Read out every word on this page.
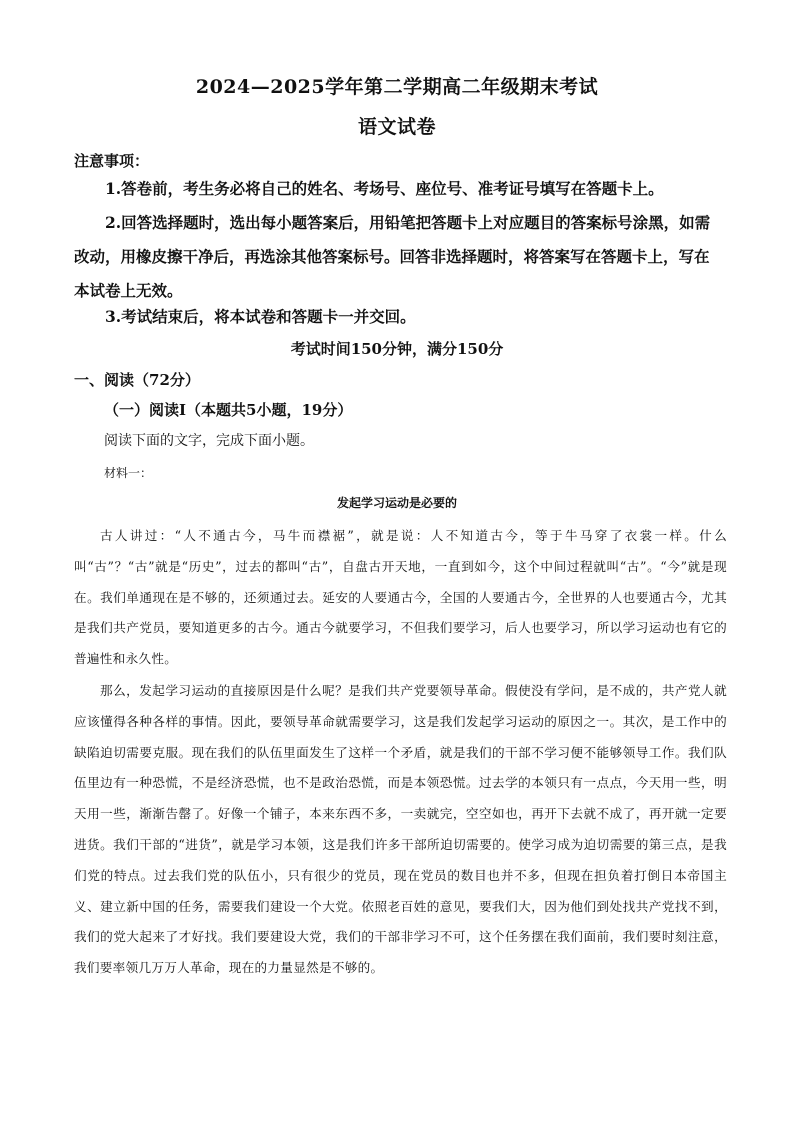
2024—2025学年第二学期高二年级期末考试
语文试卷
注意事项：
1.答卷前，考生务必将自己的姓名、考场号、座位号、准考证号填写在答题卡上。
2.回答选择题时，选出每小题答案后，用铅笔把答题卡上对应题目的答案标号涂黑，如需改动，用橡皮擦干净后，再选涂其他答案标号。回答非选择题时，将答案写在答题卡上，写在本试卷上无效。
3.考试结束后，将本试卷和答题卡一并交回。
考试时间150分钟，满分150分
一、阅读（72分）
（一）阅读Ⅰ（本题共5小题，19分）
阅读下面的文字，完成下面小题。
材料一：
发起学习运动是必要的
古人讲过：“人不通古今，马牛而襟裾”，就是说：人不知道古今，等于牛马穿了衣裳一样。什么叫“古”？“古”就是“历史”，过去的都叫“古”，自盘古开天地，一直到如今，这个中间过程就叫“古”。“今”就是现在。我们单通现在是不够的，还须通过去。延安的人要通古今，全国的人要通古今，全世界的人也要通古今，尤其是我们共产党员，要知道更多的古今。通古今就要学习，不但我们要学习，后人也要学习，所以学习运动也有它的普遍性和永久性。
那么，发起学习运动的直接原因是什么呢？是我们共产党要领导革命。假使没有学问，是不成的，共产党人就应该懂得各种各样的事情。因此，要领导革命就需要学习，这是我们发起学习运动的原因之一。其次，是工作中的缺陷迫切需要克服。现在我们的队伍里面发生了这样一个矛盾，就是我们的干部不学习便不能够领导工作。我们队伍里边有一种恐慌，不是经济恐慌，也不是政治恐慌，而是本领恐慌。过去学的本领只有一点点，今天用一些，明天用一些，渐渐告罄了。好像一个铺子，本来东西不多，一卖就完，空空如也，再开下去就不成了，再开就一定要进货。我们干部的“进货”，就是学习本领，这是我们许多干部所迫切需要的。使学习成为迫切需要的第三点，是我们党的特点。过去我们党的队伍小，只有很少的党员，现在党员的数目也并不多，但现在担负着打倒日本帝国主义、建立新中国的任务，需要我们建设一个大党。依照老百姓的意见，要我们大，因为他们到处找共产党找不到，我们的党大起来了才好找。我们要建设大党，我们的干部非学习不可，这个任务摆在我们面前，我们要时刻注意，我们要率领几万万人革命，现在的力量显然是不够的。
